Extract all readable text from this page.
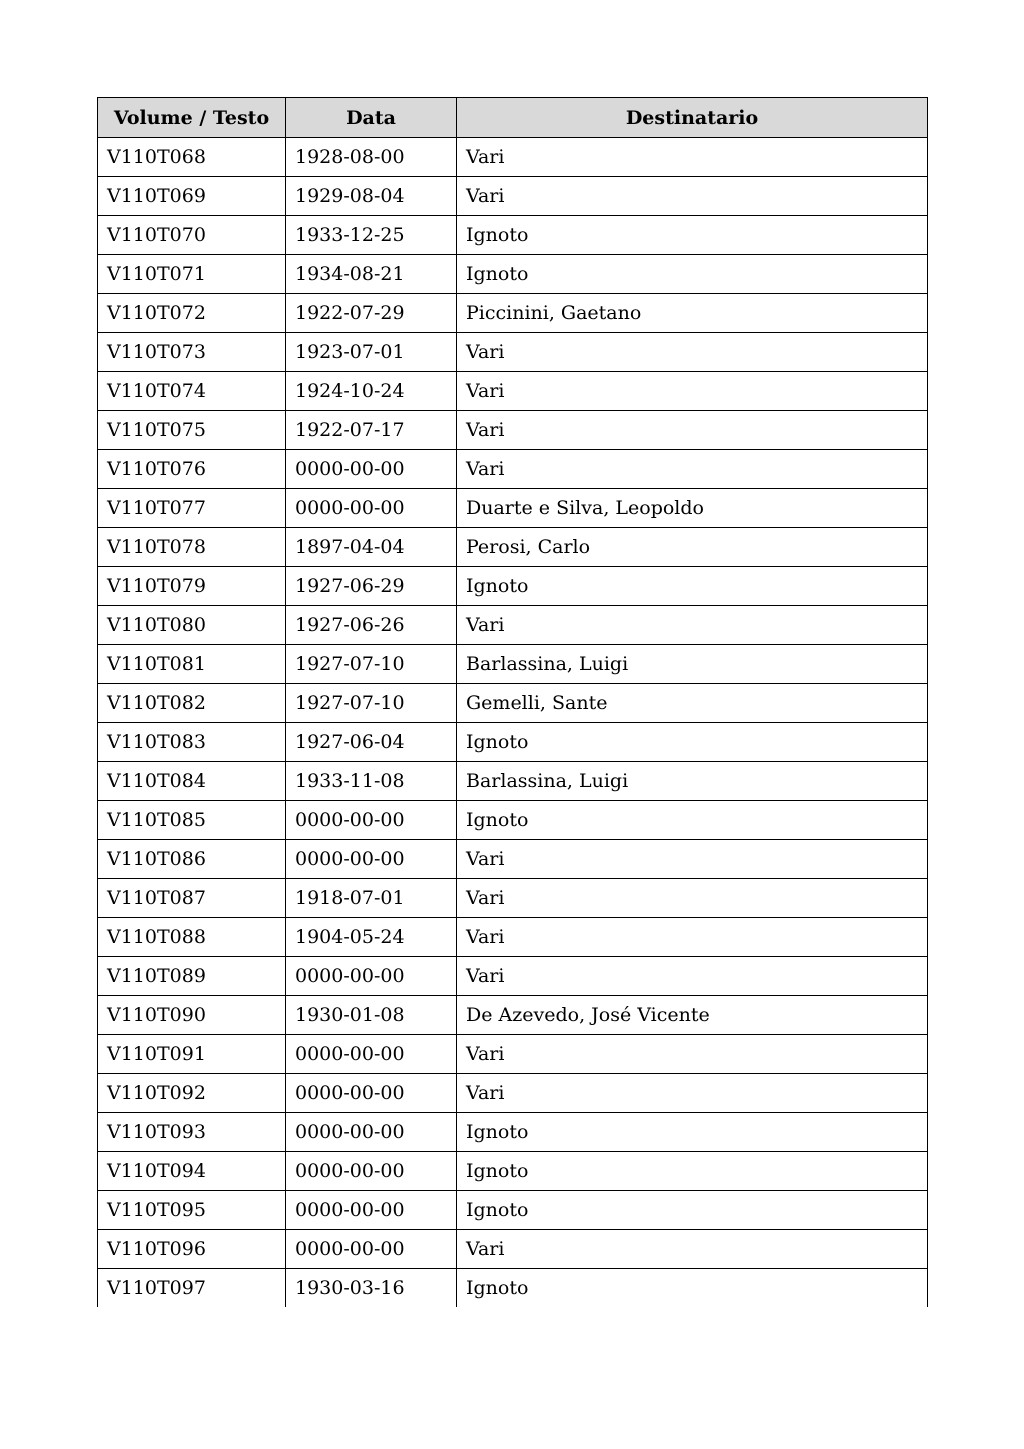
Volume / Testo	Data	Destinatario
V110T068	1928-08-00	Vari
V110T069	1929-08-04	Vari
V110T070	1933-12-25	Ignoto
V110T071	1934-08-21	Ignoto
V110T072	1922-07-29	Piccinini, Gaetano
V110T073	1923-07-01	Vari
V110T074	1924-10-24	Vari
V110T075	1922-07-17	Vari
V110T076	0000-00-00	Vari
V110T077	0000-00-00	Duarte e Silva, Leopoldo
V110T078	1897-04-04	Perosi, Carlo
V110T079	1927-06-29	Ignoto
V110T080	1927-06-26	Vari
V110T081	1927-07-10	Barlassina, Luigi
V110T082	1927-07-10	Gemelli, Sante
V110T083	1927-06-04	Ignoto
V110T084	1933-11-08	Barlassina, Luigi
V110T085	0000-00-00	Ignoto
V110T086	0000-00-00	Vari
V110T087	1918-07-01	Vari
V110T088	1904-05-24	Vari
V110T089	0000-00-00	Vari
V110T090	1930-01-08	De Azevedo, José Vicente
V110T091	0000-00-00	Vari
V110T092	0000-00-00	Vari
V110T093	0000-00-00	Ignoto
V110T094	0000-00-00	Ignoto
V110T095	0000-00-00	Ignoto
V110T096	0000-00-00	Vari
V110T097	1930-03-16	Ignoto
